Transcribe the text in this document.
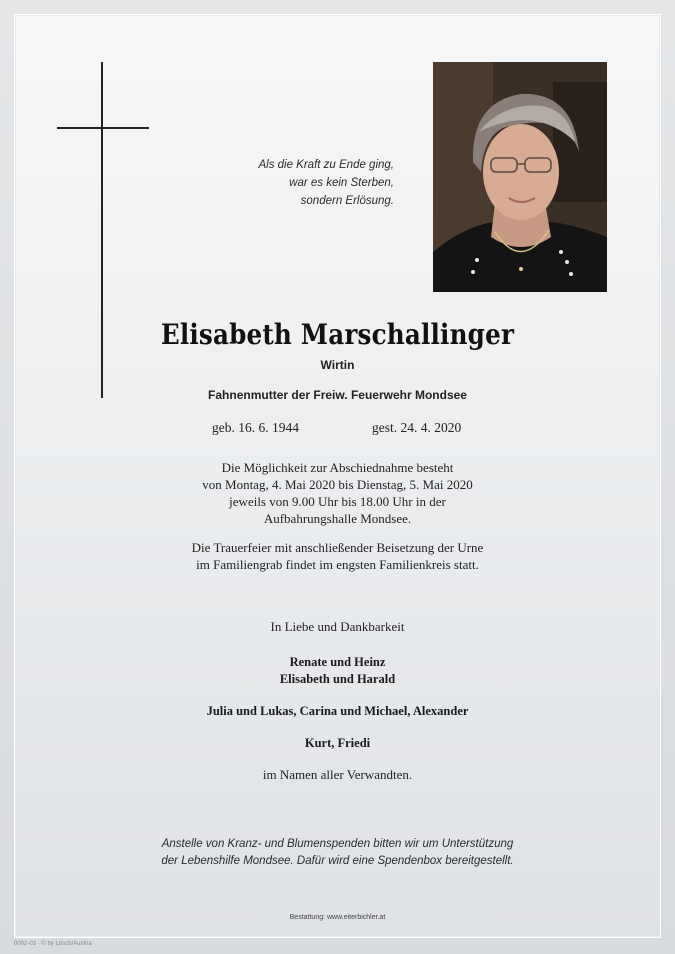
Als die Kraft zu Ende ging,
war es kein Sterben,
sondern Erlösung.
Elisabeth Marschallinger
Wirtin
Fahnenmutter der Freiw. Feuerwehr Mondsee
geb. 16. 6. 1944	gest. 24. 4. 2020
Die Möglichkeit zur Abschiednahme besteht
von Montag, 4. Mai 2020 bis Dienstag, 5. Mai 2020
jeweils von 9.00 Uhr bis 18.00 Uhr in der
Aufbahrungshalle Mondsee.
Die Trauerfeier mit anschließender Beisetzung der Urne
im Familiengrab findet im engsten Familienkreis statt.
In Liebe und Dankbarkeit
Renate und Heinz
Elisabeth und Harald
Julia und Lukas, Carina und Michael, Alexander
Kurt, Friedi
im Namen aller Verwandten.
Anstelle von Kranz- und Blumenspenden bitten wir um Unterstützung
der Lebenshilfe Mondsee. Dafür wird eine Spendenbox bereitgestellt.
Bestattung: www.eiterbichler.at
0002-03 · © by Lösch/Austria
